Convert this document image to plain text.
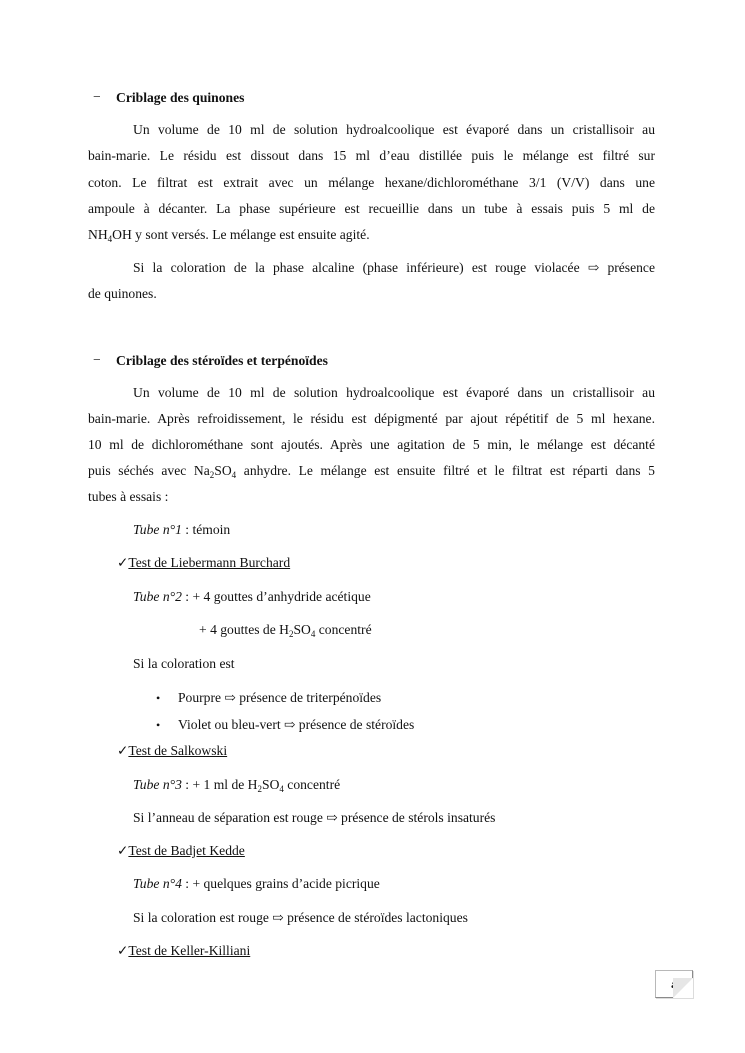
− Criblage des quinones
Un volume de 10 ml de solution hydroalcoolique est évaporé dans un cristallisoir au
bain-marie. Le résidu est dissout dans 15 ml d’eau distillée puis le mélange est filtré sur
coton. Le filtrat est extrait avec un mélange hexane/dichlorométhane 3/1 (V/V) dans une
ampoule à décanter. La phase supérieure est recueillie dans un tube à essais puis 5 ml de
$NH_4OH$ y sont versés. Le mélange est ensuite agité.
Si la coloration de la phase alcaline (phase inférieure) est rouge violacée ⇨ présence
de quinones.
− Criblage des stéroïdes et terpénoïdes
Un volume de 10 ml de solution hydroalcoolique est évaporé dans un cristallisoir au
bain-marie. Après refroidissement, le résidu est dépigmenté par ajout répétitif de 5 ml hexane.
10 ml de dichlorométhane sont ajoutés. Après une agitation de 5 min, le mélange est décanté
puis séchés avec $Na_2SO_4$ anhydre. Le mélange est ensuite filtré et le filtrat est réparti dans 5
tubes à essais :
Tube n°1 : témoin
✓Test de Liebermann Burchard
Tube n°2 : + 4 gouttes d’anhydride acétique
+ 4 gouttes de $H_2SO_4$ concentré
Si la coloration est
• Pourpre ⇨ présence de triterpénoïdes
• Violet ou bleu-vert ⇨ présence de stéroïdes
✓Test de Salkowski
Tube n°3 : + 1 ml de $H_2SO_4$ concentré
Si l’anneau de séparation est rouge ⇨ présence de stérols insaturés
✓Test de Badjet Kedde
Tube n°4 : + quelques grains d’acide picrique
Si la coloration est rouge ⇨ présence de stéroïdes lactoniques
✓Test de Keller-Killiani
a
